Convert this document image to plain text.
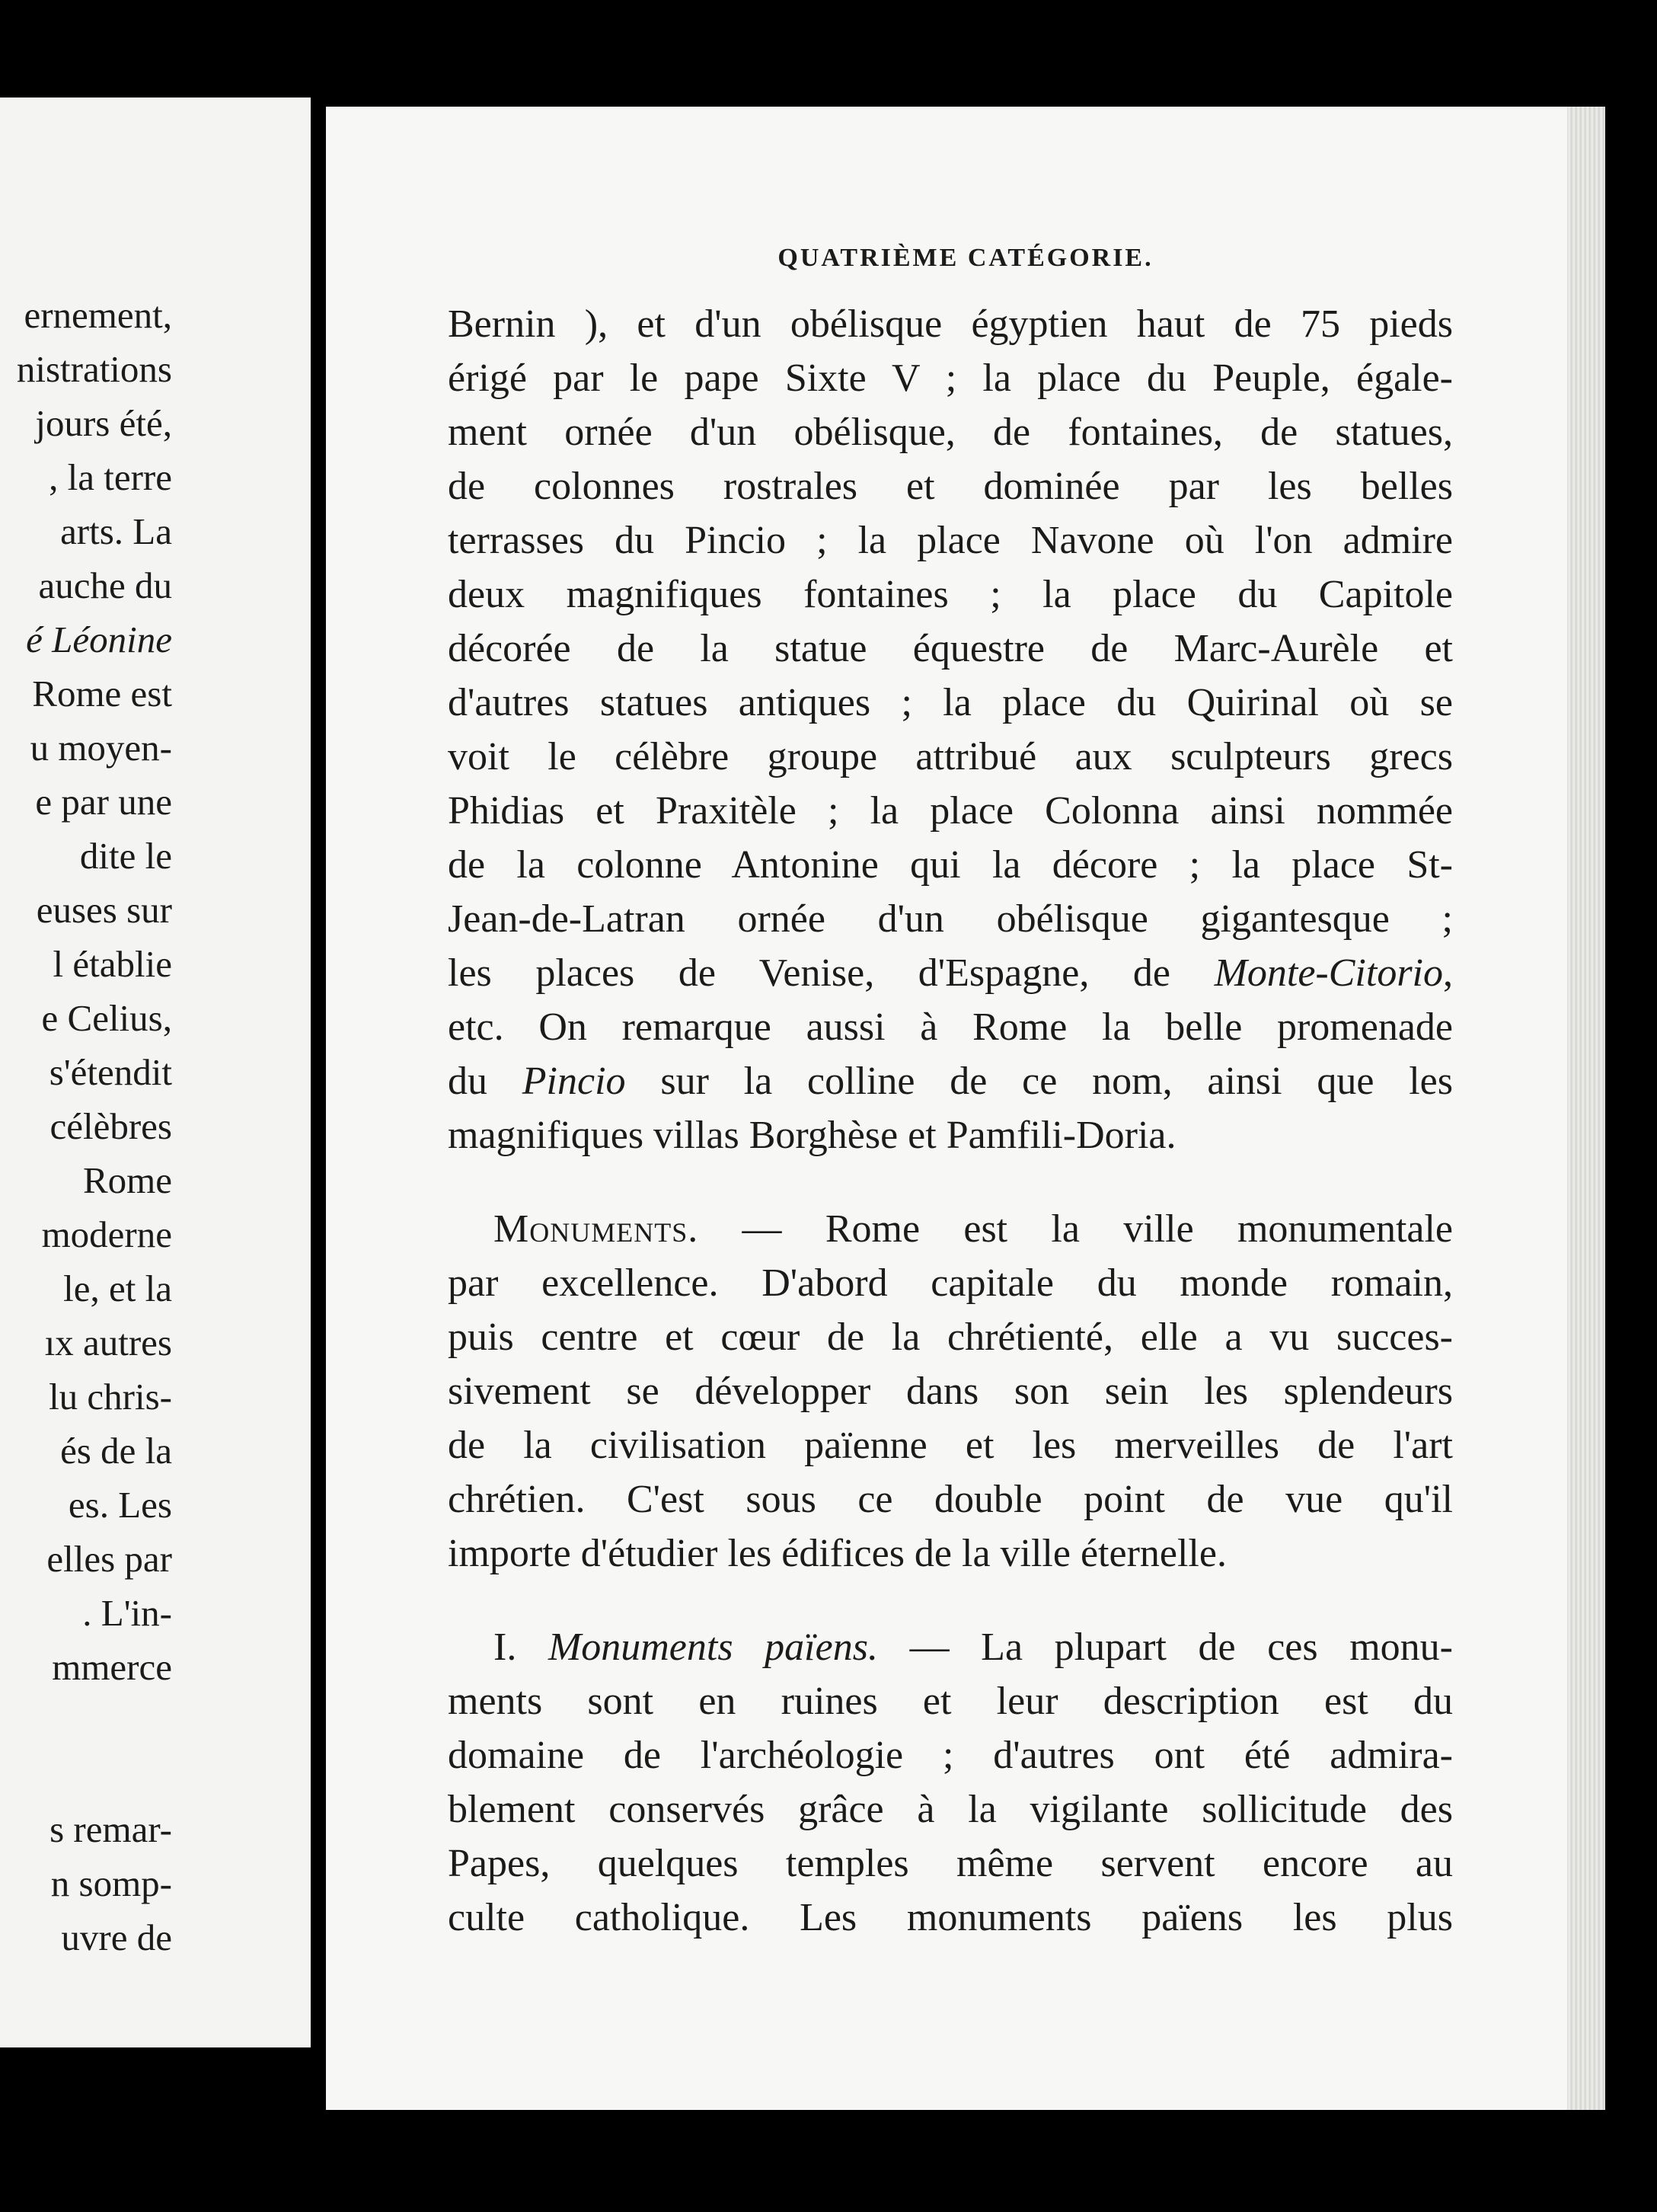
ernement,
nistrations
jours été,
, la terre
arts. La
auche du
é Léonine
Rome est
u moyen-
e par une
dite le
euses sur
l établie
e Celius,
s'étendit
célèbres
Rome
moderne
le, et la
ıx autres
lu chris-
és de la
es. Les
elles par
. L'in-
mmerce
s remar-
n somp-
uvre de
QUATRIÈME CATÉGORIE.
Bernin ), et d'un obélisque égyptien haut de 75 pieds
érigé par le pape Sixte V ; la place du Peuple, égale-
ment ornée d'un obélisque, de fontaines, de statues,
de colonnes rostrales et dominée par les belles
terrasses du Pincio ; la place Navone où l'on admire
deux magnifiques fontaines ; la place du Capitole
décorée de la statue équestre de Marc-Aurèle et
d'autres statues antiques ; la place du Quirinal où se
voit le célèbre groupe attribué aux sculpteurs grecs
Phidias et Praxitèle ; la place Colonna ainsi nommée
de la colonne Antonine qui la décore ; la place St-
Jean-de-Latran ornée d'un obélisque gigantesque ;
les places de Venise, d'Espagne, de Monte-Citorio,
etc. On remarque aussi à Rome la belle promenade
du Pincio sur la colline de ce nom, ainsi que les
magnifiques villas Borghèse et Pamfili-Doria.
Monuments. — Rome est la ville monumentale
par excellence. D'abord capitale du monde romain,
puis centre et cœur de la chrétienté, elle a vu succes-
sivement se développer dans son sein les splendeurs
de la civilisation païenne et les merveilles de l'art
chrétien. C'est sous ce double point de vue qu'il
importe d'étudier les édifices de la ville éternelle.
I. Monuments païens. — La plupart de ces monu-
ments sont en ruines et leur description est du
domaine de l'archéologie ; d'autres ont été admira-
blement conservés grâce à la vigilante sollicitude des
Papes, quelques temples même servent encore au
culte catholique. Les monuments païens les plus
